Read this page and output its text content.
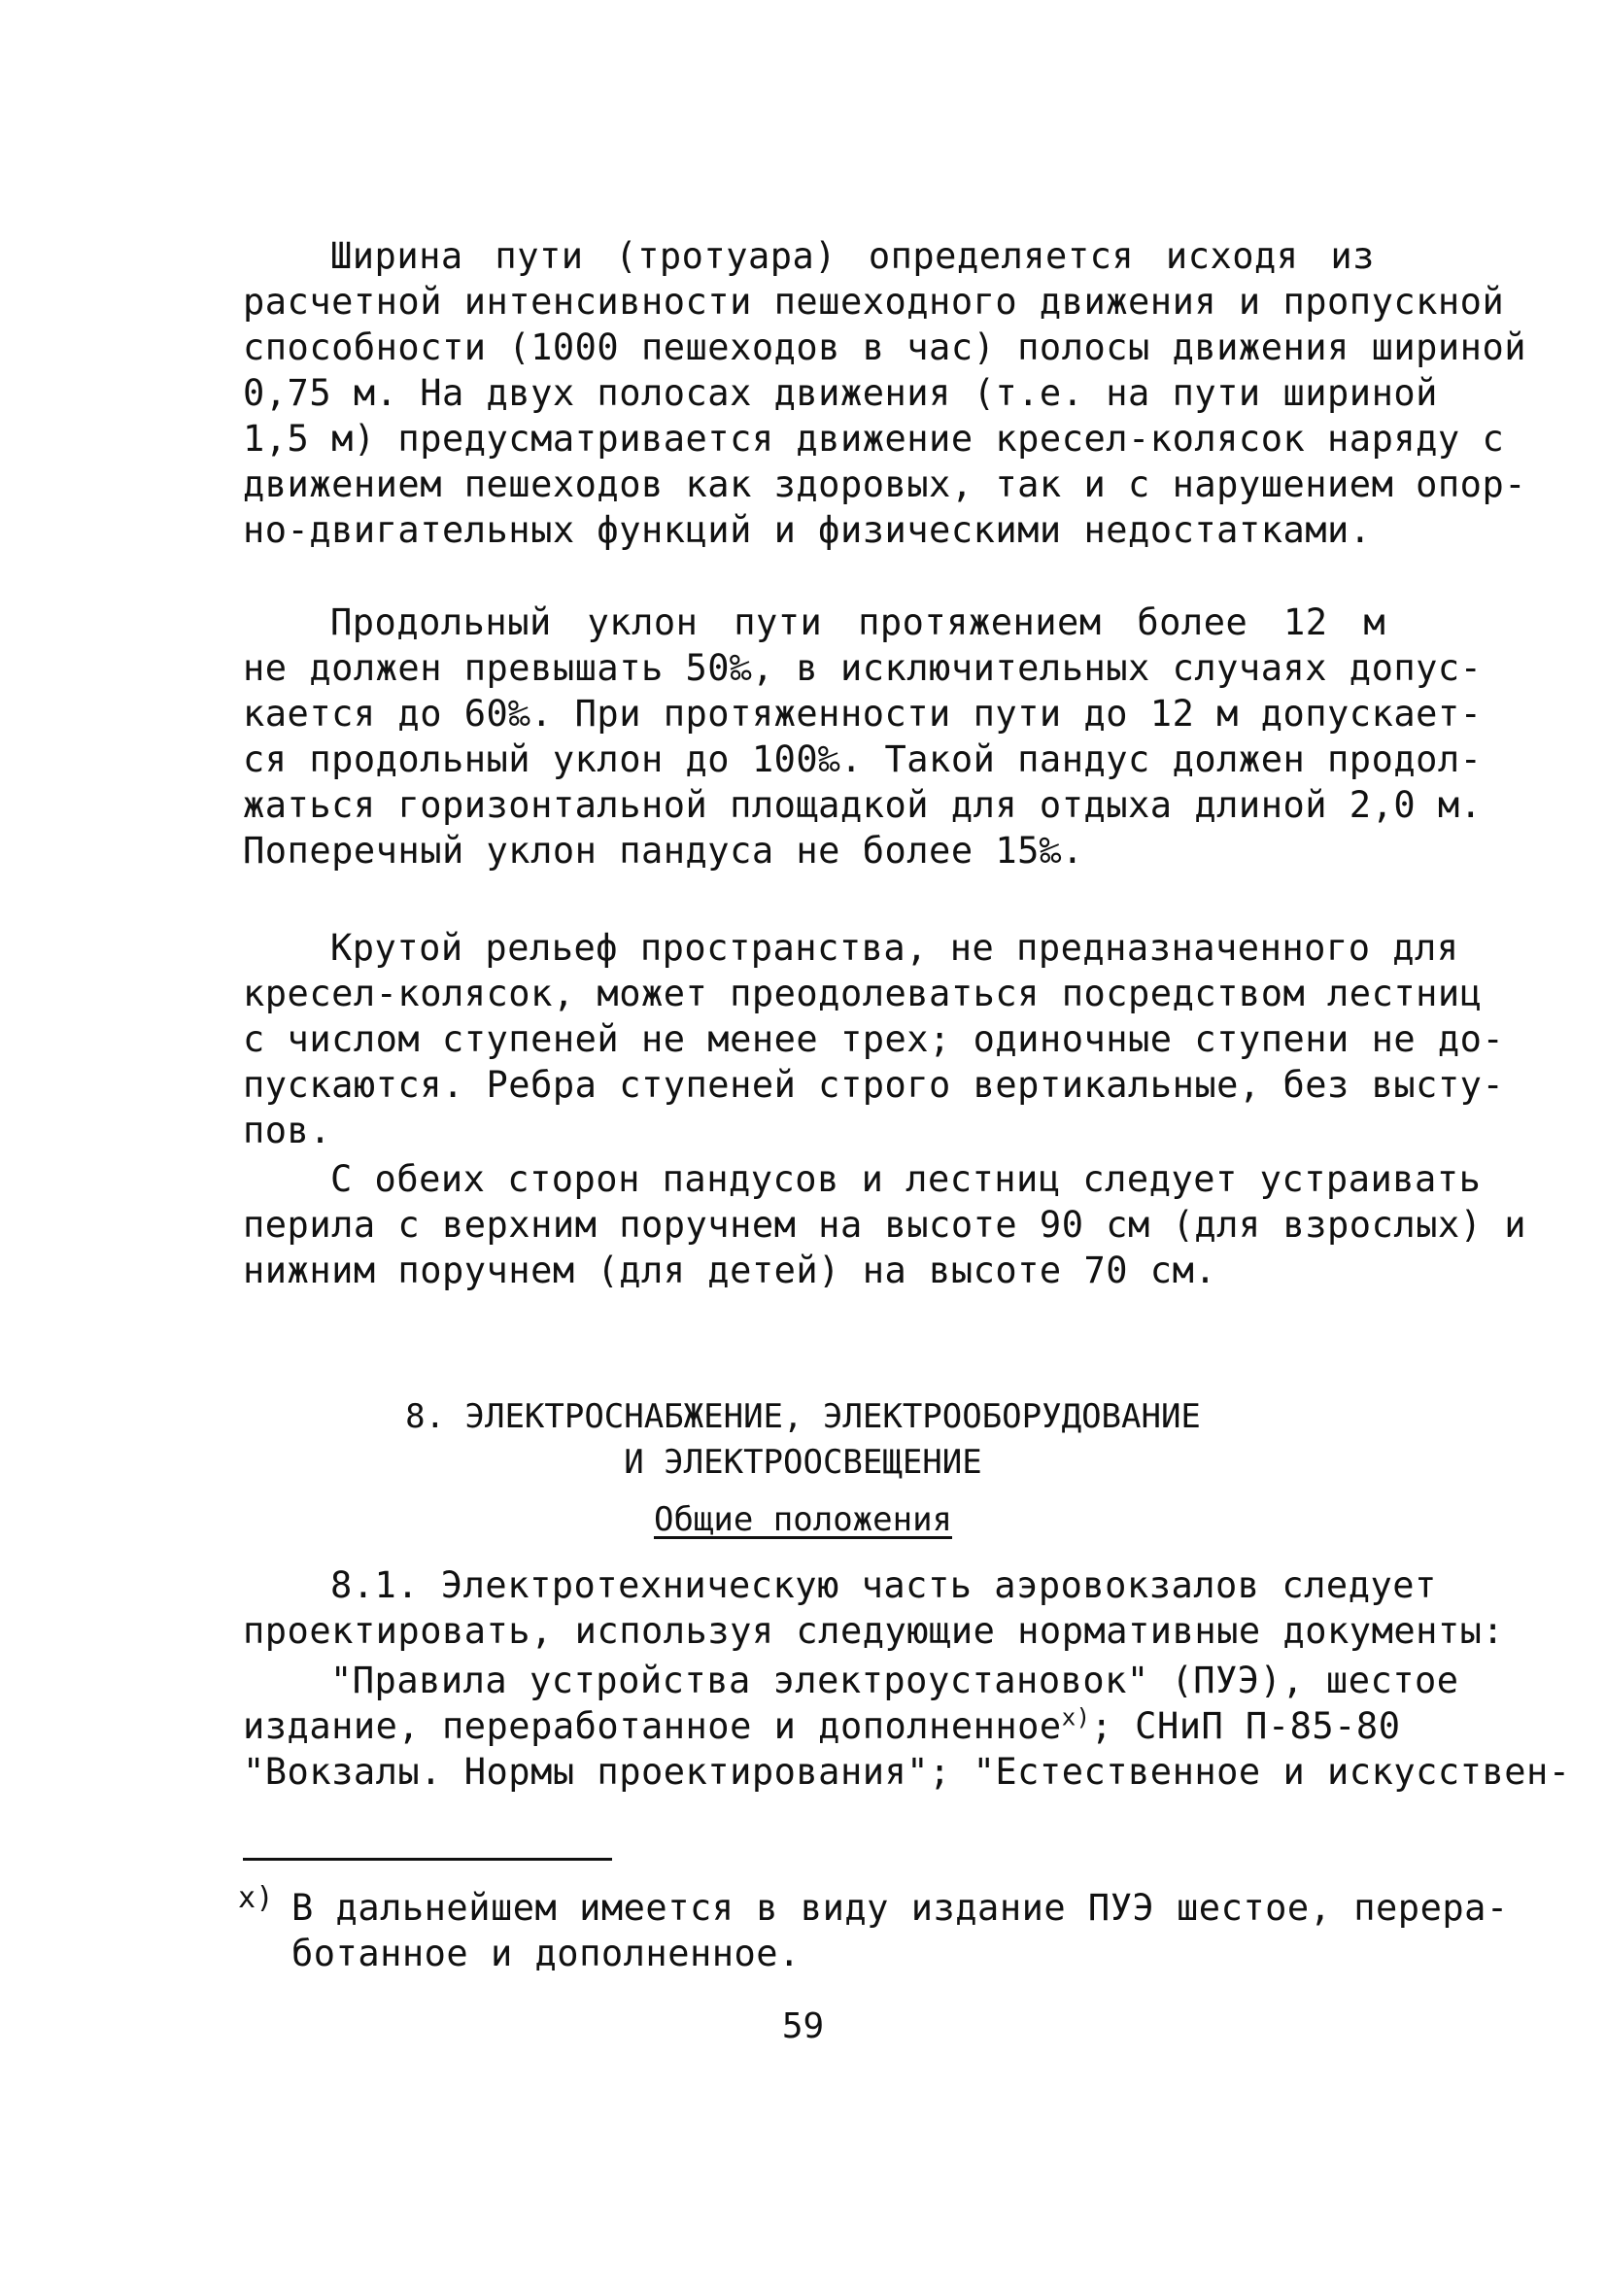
Ширина пути (тротуара) определяется исходя из
расчетной интенсивности пешеходного движения и пропускной
способности (1000 пешеходов в час) полосы движения шириной
0,75 м. На двух полосах движения (т.е. на пути шириной
1,5 м) предусматривается движение кресел-колясок наряду с
движением пешеходов как здоровых, так и с нарушением опор-
но-двигательных функций и физическими недостатками.
Продольный уклон пути протяжением более 12 м
не должен превышать 50‰, в исключительных случаях допус-
кается до 60‰. При протяженности пути до 12 м допускает-
ся продольный уклон до 100‰. Такой пандус должен продол-
жаться горизонтальной площадкой для отдыха длиной 2,0 м.
Поперечный уклон пандуса не более 15‰.
Крутой рельеф пространства, не предназначенного для
кресел-колясок, может преодолеваться посредством лестниц
с числом ступеней не менее трех; одиночные ступени не до-
пускаются. Ребра ступеней строго вертикальные, без высту-
пов.
С обеих сторон пандусов и лестниц следует устраивать
перила с верхним поручнем на высоте 90 см (для взрослых) и
нижним поручнем (для детей) на высоте 70 см.
8. ЭЛЕКТРОСНАБЖЕНИЕ, ЭЛЕКТРООБОРУДОВАНИЕ
И ЭЛЕКТРООСВЕЩЕНИЕ
Общие положения
8.1. Электротехническую часть аэровокзалов следует
проектировать, используя следующие нормативные документы:
"Правила устройства электроустановок" (ПУЭ), шестое
издание, переработанное и дополненное$^{x)}$; СНиП П-85-80
"Вокзалы. Нормы проектирования"; "Естественное и искусствен-
x) В дальнейшем имеется в виду издание ПУЭ шестое, перера-
ботанное и дополненное.
59
